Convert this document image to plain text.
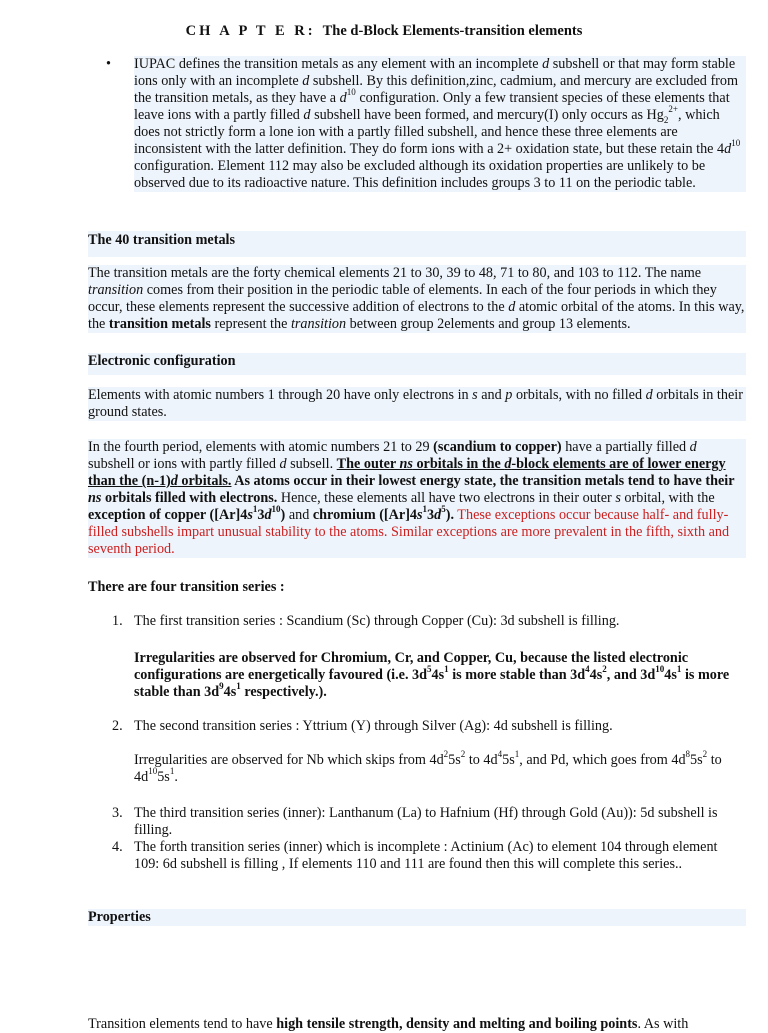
CH A P T E R: The d-Block Elements-transition elements
• IUPAC defines the transition metals as any element with an incomplete d subshell or that may form stable ions only with an incomplete d subshell. By this definition,zinc, cadmium, and mercury are excluded from the transition metals, as they have a $d^{10}$ configuration. Only a few transient species of these elements that leave ions with a partly filled d subshell have been formed, and mercury(I) only occurs as $Hg_2^{2+}$, which does not strictly form a lone ion with a partly filled subshell, and hence these three elements are inconsistent with the latter definition. They do form ions with a 2+ oxidation state, but these retain the $4d^{10}$ configuration. Element 112 may also be excluded although its oxidation properties are unlikely to be observed due to its radioactive nature. This definition includes groups 3 to 11 on the periodic table.

The 40 transition metals

The transition metals are the forty chemical elements 21 to 30, 39 to 48, 71 to 80, and 103 to 112. The name transition comes from their position in the periodic table of elements. In each of the four periods in which they occur, these elements represent the successive addition of electrons to the d atomic orbital of the atoms. In this way, the transition metals represent the transition between group 2elements and group 13 elements.

Electronic configuration

Elements with atomic numbers 1 through 20 have only electrons in s and p orbitals, with no filled d orbitals in their ground states.

In the fourth period, elements with atomic numbers 21 to 29 (scandium to copper) have a partially filled d subshell or ions with partly filled d subsell. The outer ns orbitals in the d-block elements are of lower energy than the (n-1)d orbitals. As atoms occur in their lowest energy state, the transition metals tend to have their ns orbitals filled with electrons. Hence, these elements all have two electrons in their outer s orbital, with the exception of copper $([Ar]4s^13d^{10})$ and chromium $([Ar]4s^13d^5)$. These exceptions occur because half- and fully-filled subshells impart unusual stability to the atoms. Similar exceptions are more prevalent in the fifth, sixth and seventh period.

There are four transition series :

1. The first transition series : Scandium (Sc) through Copper (Cu): 3d subshell is filling.

Irregularities are observed for Chromium, Cr, and Copper, Cu, because the listed electronic configurations are energetically favoured (i.e. $3d^54s^1$ is more stable than $3d^44s^2$, and $3d^{10}4s^1$ is more stable than $3d^94s^1$ respectively.).

2. The second transition series : Yttrium (Y) through Silver (Ag): 4d subshell is filling.

Irregularities are observed for Nb which skips from $4d^25s^2$ to $4d^45s^1$, and Pd, which goes from $4d^85s^2$ to $4d^{10}5s^1$.

3. The third transition series (inner): Lanthanum (La) to Hafnium (Hf) through Gold (Au)): 5d subshell is filling.

4. The forth transition series (inner) which is incomplete : Actinium (Ac) to element 104 through element 109: 6d subshell is filling , If elements 110 and 111 are found then this will complete this series..

Properties

Transition elements tend to have high tensile strength, density and melting and boiling points. As with
